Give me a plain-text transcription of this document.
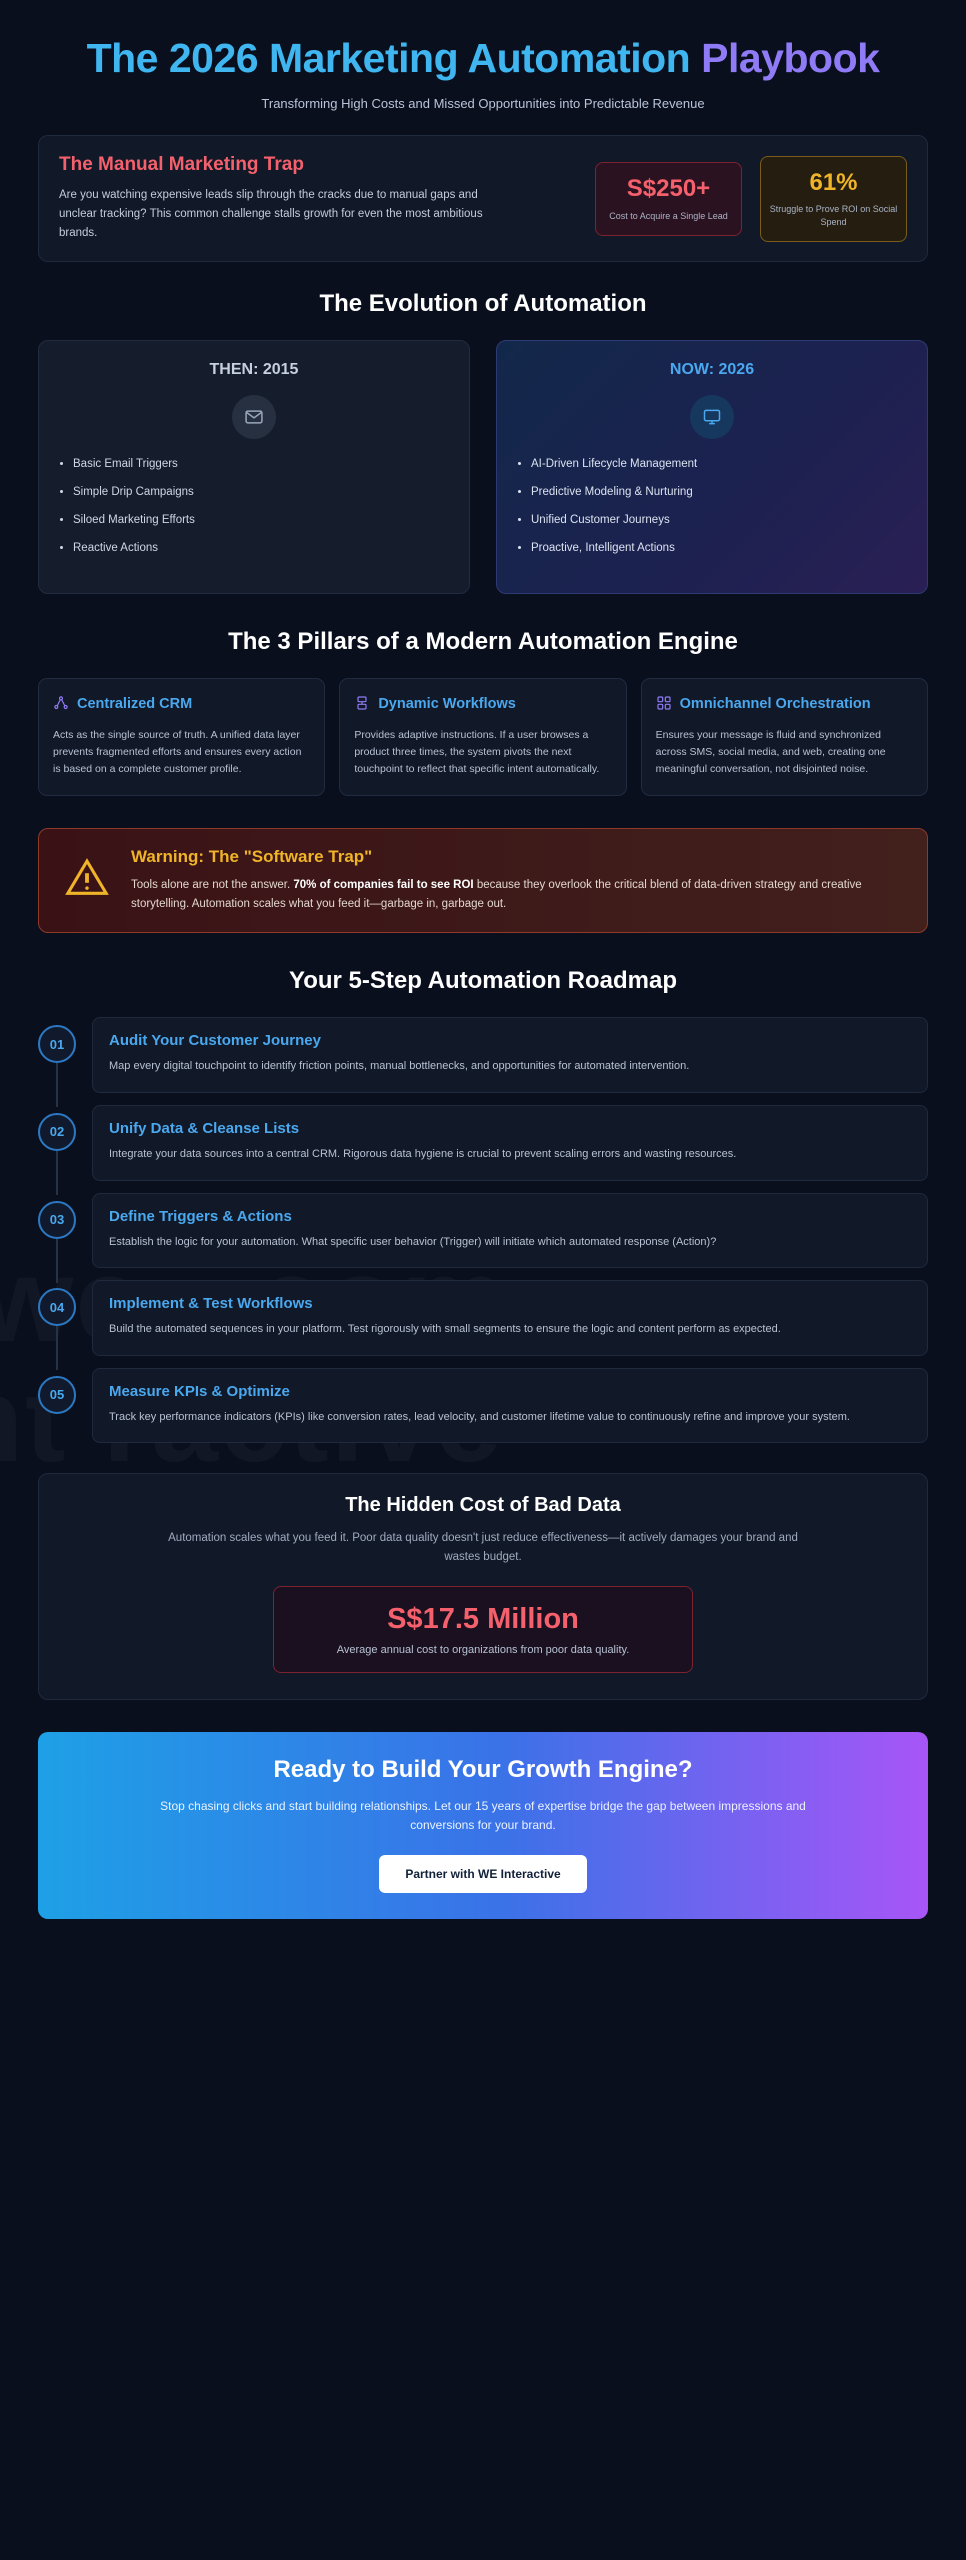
The 2026 Marketing Automation Playbook
Transforming High Costs and Missed Opportunities into Predictable Revenue
The Manual Marketing Trap
Are you watching expensive leads slip through the cracks due to manual gaps and unclear tracking? This common challenge stalls growth for even the most ambitious brands.
S$250+
Cost to Acquire a Single Lead
61%
Struggle to Prove ROI on Social Spend
The Evolution of Automation
THEN: 2015
• Basic Email Triggers
• Simple Drip Campaigns
• Siloed Marketing Efforts
• Reactive Actions
NOW: 2026
• AI-Driven Lifecycle Management
• Predictive Modeling & Nurturing
• Unified Customer Journeys
• Proactive, Intelligent Actions
The 3 Pillars of a Modern Automation Engine
Centralized CRM
Acts as the single source of truth. A unified data layer prevents fragmented efforts and ensures every action is based on a complete customer profile.
Dynamic Workflows
Provides adaptive instructions. If a user browses a product three times, the system pivots the next touchpoint to reflect that specific intent automatically.
Omnichannel Orchestration
Ensures your message is fluid and synchronized across SMS, social media, and web, creating one meaningful conversation, not disjointed noise.
Warning: The "Software Trap"
Tools alone are not the answer. 70% of companies fail to see ROI because they overlook the critical blend of data-driven strategy and creative storytelling. Automation scales what you feed it—garbage in, garbage out.
Your 5-Step Automation Roadmap
01	Audit Your Customer Journey
Map every digital touchpoint to identify friction points, manual bottlenecks, and opportunities for automated intervention.
02	Unify Data & Cleanse Lists
Integrate your data sources into a central CRM. Rigorous data hygiene is crucial to prevent scaling errors and wasting resources.
03	Define Triggers & Actions
Establish the logic for your automation. What specific user behavior (Trigger) will initiate which automated response (Action)?
04	Implement & Test Workflows
Build the automated sequences in your platform. Test rigorously with small segments to ensure the logic and content perform as expected.
05	Measure KPIs & Optimize
Track key performance indicators (KPIs) like conversion rates, lead velocity, and customer lifetime value to continuously refine and improve your system.
The Hidden Cost of Bad Data
Automation scales what you feed it. Poor data quality doesn't just reduce effectiveness—it actively damages your brand and wastes budget.
S$17.5 Million
Average annual cost to organizations from poor data quality.
Ready to Build Your Growth Engine?
Stop chasing clicks and start building relationships. Let our 15 years of expertise bridge the gap between impressions and conversions for your brand.
Partner with WE Interactive
